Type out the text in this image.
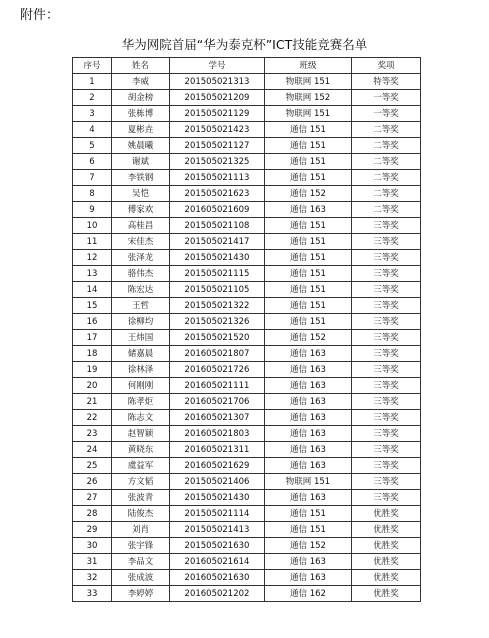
附件：
华为网院首届“华为泰克杯”ICT技能竞赛名单
序号	姓名	学号	班级	奖项
1	李威	201505021313	物联网 151	特等奖
2	胡金榜	201505021209	物联网 152	一等奖
3	张栋博	201505021129	物联网 151	一等奖
4	夏彬垚	201505021423	通信 151	二等奖
5	姚晨曦	201505021127	通信 151	二等奖
6	谢斌	201505021325	通信 151	二等奖
7	李铁钢	201505021113	通信 151	二等奖
8	吴恺	201505021623	通信 152	二等奖
9	傅家欢	201605021609	通信 163	二等奖
10	高桂昌	201505021108	通信 151	三等奖
11	宋佳杰	201505021417	通信 151	三等奖
12	张泽龙	201505021430	通信 151	三等奖
13	骆伟杰	201505021115	通信 151	三等奖
14	陈宏达	201505021105	通信 151	三等奖
15	王哲	201505021322	通信 151	三等奖
16	徐柳均	201505021326	通信 151	三等奖
17	王炜国	201505021520	通信 152	三等奖
18	储嘉晨	201605021807	通信 163	三等奖
19	徐林泽	201605021726	通信 163	三等奖
20	何刚刚	201605021111	通信 163	三等奖
21	陈孝炬	201605021706	通信 163	三等奖
22	陈志文	201605021307	通信 163	三等奖
23	赵智颖	201605021803	通信 163	三等奖
24	黄晓东	201605021311	通信 163	三等奖
25	虞益军	201605021629	通信 163	三等奖
26	方文韬	201505021406	物联网 151	三等奖
27	张波青	201505021430	通信 163	三等奖
28	陆俊杰	201505021114	通信 151	优胜奖
29	刘肖	201505021413	通信 151	优胜奖
30	张宇锋	201505021630	通信 152	优胜奖
31	李品文	201605021614	通信 163	优胜奖
32	张成波	201605021630	通信 163	优胜奖
33	李婷婷	201605021202	通信 162	优胜奖
